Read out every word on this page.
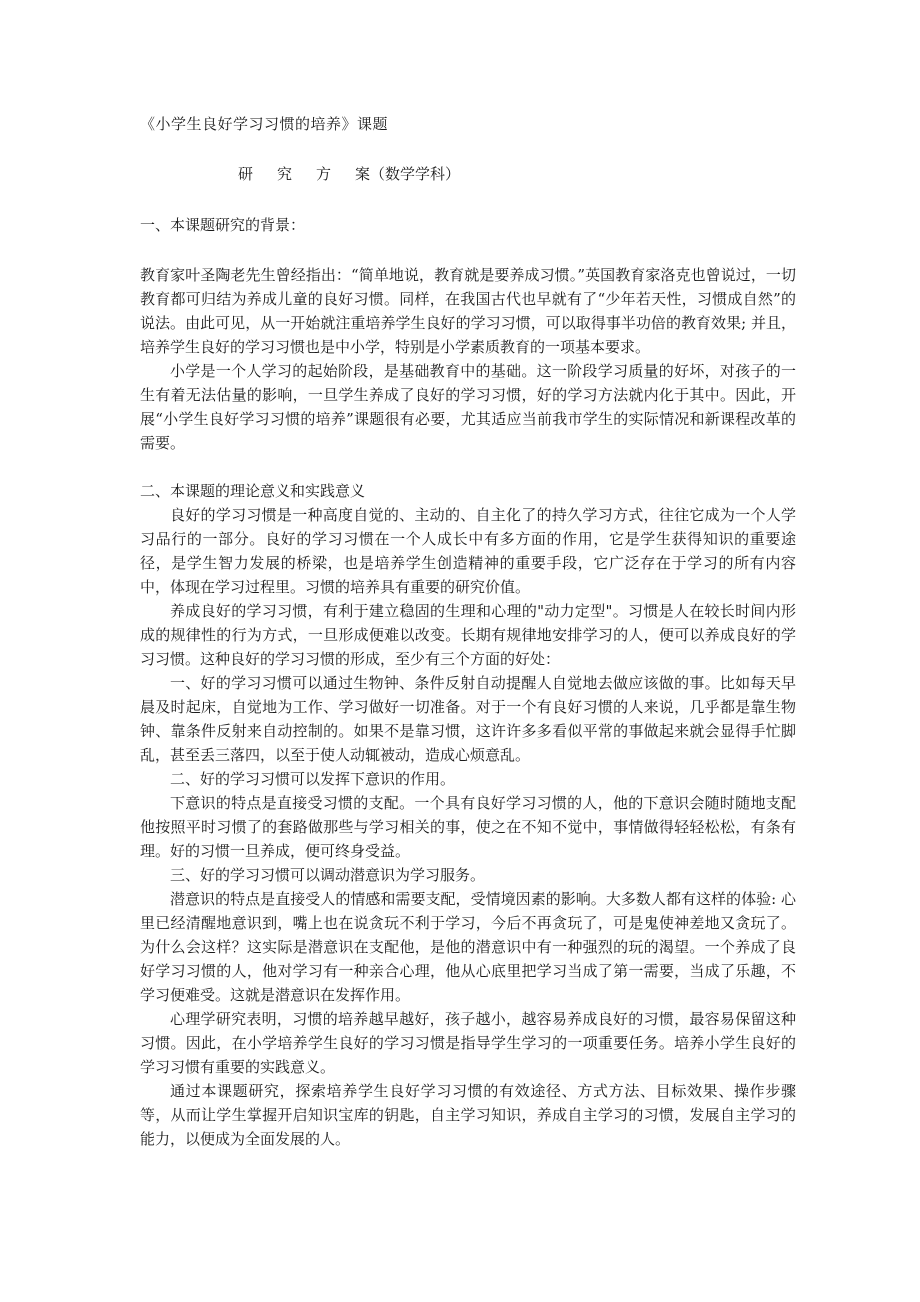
《小学生良好学习习惯的培养》课题
研 究 方 案（数学学科）
一、本课题研究的背景：

教育家叶圣陶老先生曾经指出：“简单地说，教育就是要养成习惯。”英国教育家洛克也曾说过，一切教育都可归结为养成儿童的良好习惯。同样，在我国古代也早就有了“少年若天性，习惯成自然”的说法。由此可见，从一开始就注重培养学生良好的学习习惯，可以取得事半功倍的教育效果; 并且，培养学生良好的学习习惯也是中小学，特别是小学素质教育的一项基本要求。

小学是一个人学习的起始阶段，是基础教育中的基础。这一阶段学习质量的好坏，对孩子的一生有着无法估量的影响，一旦学生养成了良好的学习习惯，好的学习方法就内化于其中。因此，开展“小学生良好学习习惯的培养”课题很有必要，尤其适应当前我市学生的实际情况和新课程改革的需要。

二、本课题的理论意义和实践意义

良好的学习习惯是一种高度自觉的、主动的、自主化了的持久学习方式，往往它成为一个人学习品行的一部分。良好的学习习惯在一个人成长中有多方面的作用，它是学生获得知识的重要途径，是学生智力发展的桥梁，也是培养学生创造精神的重要手段，它广泛存在于学习的所有内容中，体现在学习过程里。习惯的培养具有重要的研究价值。

养成良好的学习习惯，有利于建立稳固的生理和心理的"动力定型"。习惯是人在较长时间内形成的规律性的行为方式，一旦形成便难以改变。长期有规律地安排学习的人，便可以养成良好的学习习惯。这种良好的学习习惯的形成，至少有三个方面的好处：

一、好的学习习惯可以通过生物钟、条件反射自动提醒人自觉地去做应该做的事。比如每天早晨及时起床，自觉地为工作、学习做好一切准备。对于一个有良好习惯的人来说，几乎都是靠生物钟、靠条件反射来自动控制的。如果不是靠习惯，这许许多多看似平常的事做起来就会显得手忙脚乱，甚至丢三落四，以至于使人动辄被动，造成心烦意乱。

二、好的学习习惯可以发挥下意识的作用。

下意识的特点是直接受习惯的支配。一个具有良好学习习惯的人，他的下意识会随时随地支配他按照平时习惯了的套路做那些与学习相关的事，使之在不知不觉中，事情做得轻轻松松，有条有理。好的习惯一旦养成，便可终身受益。

三、好的学习习惯可以调动潜意识为学习服务。

潜意识的特点是直接受人的情感和需要支配，受情境因素的影响。大多数人都有这样的体验: 心里已经清醒地意识到，嘴上也在说贪玩不利于学习，今后不再贪玩了，可是鬼使神差地又贪玩了。为什么会这样？这实际是潜意识在支配他，是他的潜意识中有一种强烈的玩的渴望。一个养成了良好学习习惯的人，他对学习有一种亲合心理，他从心底里把学习当成了第一需要，当成了乐趣，不学习便难受。这就是潜意识在发挥作用。

心理学研究表明，习惯的培养越早越好，孩子越小，越容易养成良好的习惯，最容易保留这种习惯。因此，在小学培养学生良好的学习习惯是指导学生学习的一项重要任务。培养小学生良好的学习习惯有重要的实践意义。

通过本课题研究，探索培养学生良好学习习惯的有效途径、方式方法、目标效果、操作步骤等，从而让学生掌握开启知识宝库的钥匙，自主学习知识，养成自主学习的习惯，发展自主学习的能力，以便成为全面发展的人。
